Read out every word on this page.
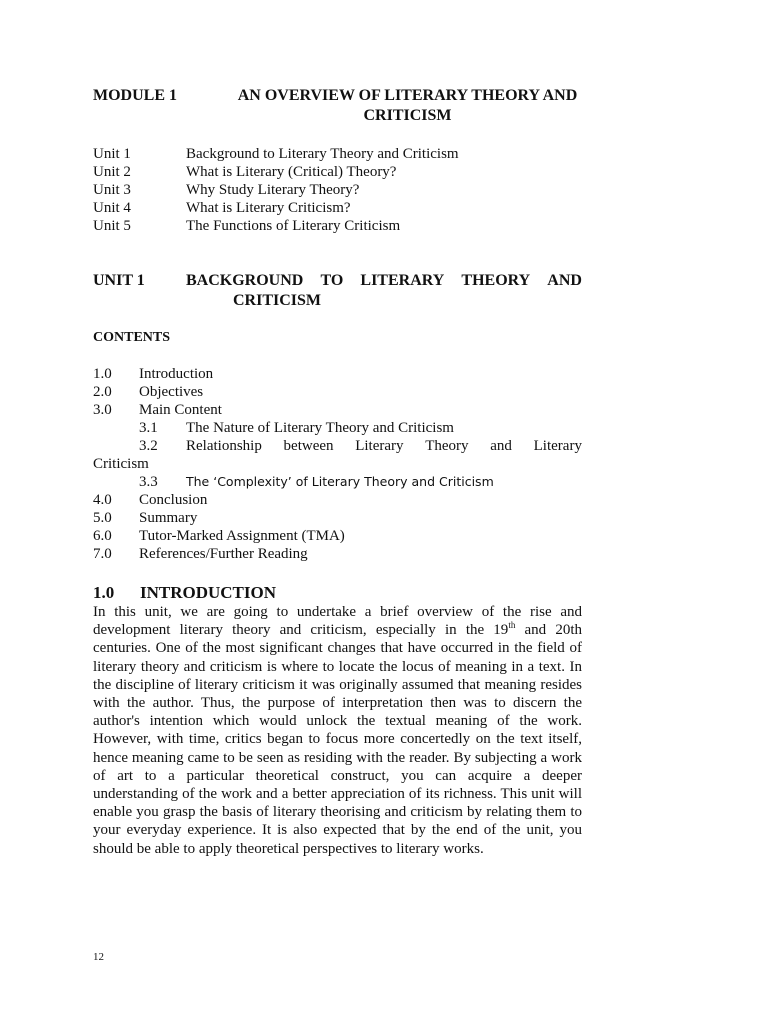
MODULE 1	AN OVERVIEW OF LITERARY THEORY AND CRITICISM
Unit 1	Background to Literary Theory and Criticism
Unit 2	What is Literary (Critical) Theory?
Unit 3	Why Study Literary Theory?
Unit 4	What is Literary Criticism?
Unit 5	The Functions of Literary Criticism
UNIT 1	BACKGROUND TO LITERARY THEORY AND
CRITICISM
CONTENTS
1.0	Introduction
2.0	Objectives
3.0	Main Content
3.1	The Nature of Literary Theory and Criticism
3.2	Relationship between Literary Theory and Literary
Criticism
3.3	The ‘Complexity’ of Literary Theory and Criticism
4.0	Conclusion
5.0	Summary
6.0	Tutor-Marked Assignment (TMA)
7.0	References/Further Reading
1.0	INTRODUCTION

In this unit, we are going to undertake a brief overview of the rise and development literary theory and criticism, especially in the 19th and 20th centuries. One of the most significant changes that have occurred in the field of literary theory and criticism is where to locate the locus of meaning in a text. In the discipline of literary criticism it was originally assumed that meaning resides with the author. Thus, the purpose of interpretation then was to discern the author's intention which would unlock the textual meaning of the work. However, with time, critics began to focus more concertedly on the text itself, hence meaning came to be seen as residing with the reader. By subjecting a work of art to a particular theoretical construct, you can acquire a deeper understanding of the work and a better appreciation of its richness. This unit will enable you grasp the basis of literary theorising and criticism by relating them to your everyday experience. It is also expected that by the end of the unit, you should be able to apply theoretical perspectives to literary works.

12
